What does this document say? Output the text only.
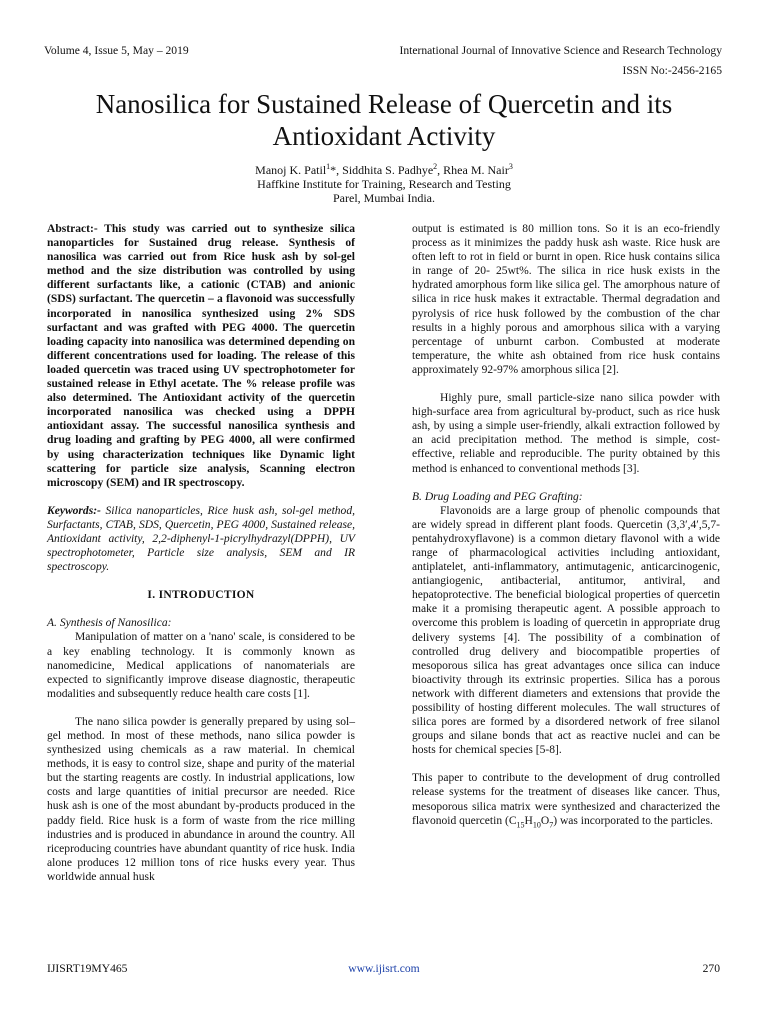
Volume 4, Issue 5, May – 2019	International Journal of Innovative Science and Research Technology
ISSN No:-2456-2165
Nanosilica for Sustained Release of Quercetin and its
Antioxidant Activity
Manoj K. Patil$^1$*, Siddhita S. Padhye$^2$, Rhea M. Nair$^3$
Haffkine Institute for Training, Research and Testing
Parel, Mumbai India.

Abstract:- This study was carried out to synthesize silica nanoparticles for Sustained drug release. Synthesis of nanosilica was carried out from Rice husk ash by sol-gel method and the size distribution was controlled by using different surfactants like, a cationic (CTAB) and anionic (SDS) surfactant. The quercetin – a flavonoid was successfully incorporated in nanosilica synthesized using 2% SDS surfactant and was grafted with PEG 4000. The quercetin loading capacity into nanosilica was determined depending on different concentrations used for loading. The release of this loaded quercetin was traced using UV spectrophotometer for sustained release in Ethyl acetate. The % release profile was also determined. The Antioxidant activity of the quercetin incorporated nanosilica was checked using a DPPH antioxidant assay. The successful nanosilica synthesis and drug loading and grafting by PEG 4000, all were confirmed by using characterization techniques like Dynamic light scattering for particle size analysis, Scanning electron microscopy (SEM) and IR spectroscopy.

Keywords:- Silica nanoparticles, Rice husk ash, sol-gel method, Surfactants, CTAB, SDS, Quercetin, PEG 4000, Sustained release, Antioxidant activity, 2,2-diphenyl-1-picrylhydrazyl(DPPH), UV spectrophotometer, Particle size analysis, SEM and IR spectroscopy.

I. INTRODUCTION

A. Synthesis of Nanosilica:

Manipulation of matter on a 'nano' scale, is considered to be a key enabling technology. It is commonly known as nanomedicine, Medical applications of nanomaterials are expected to significantly improve disease diagnostic, therapeutic modalities and subsequently reduce health care costs [1].

The nano silica powder is generally prepared by using sol–gel method. In most of these methods, nano silica powder is synthesized using chemicals as a raw material. In chemical methods, it is easy to control size, shape and purity of the material but the starting reagents are costly. In industrial applications, low costs and large quantities of initial precursor are needed. Rice husk ash is one of the most abundant by-products produced in the paddy field. Rice husk is a form of waste from the rice milling industries and is produced in abundance in around the country. All riceproducing countries have abundant quantity of rice husk. India alone produces 12 million tons of rice husks every year. Thus worldwide annual husk

output is estimated is 80 million tons. So it is an eco-friendly process as it minimizes the paddy husk ash waste. Rice husk are often left to rot in field or burnt in open. Rice husk contains silica in range of 20- 25wt%. The silica in rice husk exists in the hydrated amorphous form like silica gel. The amorphous nature of silica in rice husk makes it extractable. Thermal degradation and pyrolysis of rice husk followed by the combustion of the char results in a highly porous and amorphous silica with a varying percentage of unburnt carbon. Combusted at moderate temperature, the white ash obtained from rice husk contains approximately 92-97% amorphous silica [2].

Highly pure, small particle-size nano silica powder with high-surface area from agricultural by-product, such as rice husk ash, by using a simple user-friendly, alkali extraction followed by an acid precipitation method. The method is simple, cost-effective, reliable and reproducible. The purity obtained by this method is enhanced to conventional methods [3].

B. Drug Loading and PEG Grafting:

Flavonoids are a large group of phenolic compounds that are widely spread in different plant foods. Quercetin (3,3′,4′,5,7-pentahydroxyflavone) is a common dietary flavonol with a wide range of pharmacological activities including antioxidant, antiplatelet, anti-inflammatory, antimutagenic, anticarcinogenic, antiangiogenic, antibacterial, antitumor, antiviral, and hepatoprotective. The beneficial biological properties of quercetin make it a promising therapeutic agent. A possible approach to overcome this problem is loading of quercetin in appropriate drug delivery systems [4]. The possibility of a combination of controlled drug delivery and biocompatible properties of mesoporous silica has great advantages once silica can induce bioactivity through its extrinsic properties. Silica has a porous network with different diameters and extensions that provide the possibility of hosting different molecules. The wall structures of silica pores are formed by a disordered network of free silanol groups and silane bonds that act as reactive nuclei and can be hosts for chemical species [5-8].

This paper to contribute to the development of drug controlled release systems for the treatment of diseases like cancer. Thus, mesoporous silica matrix were synthesized and characterized the flavonoid quercetin $(C_{15}H_{10}O_7)$ was incorporated to the particles.

IJISRT19MY465	www.ijisrt.com	270
